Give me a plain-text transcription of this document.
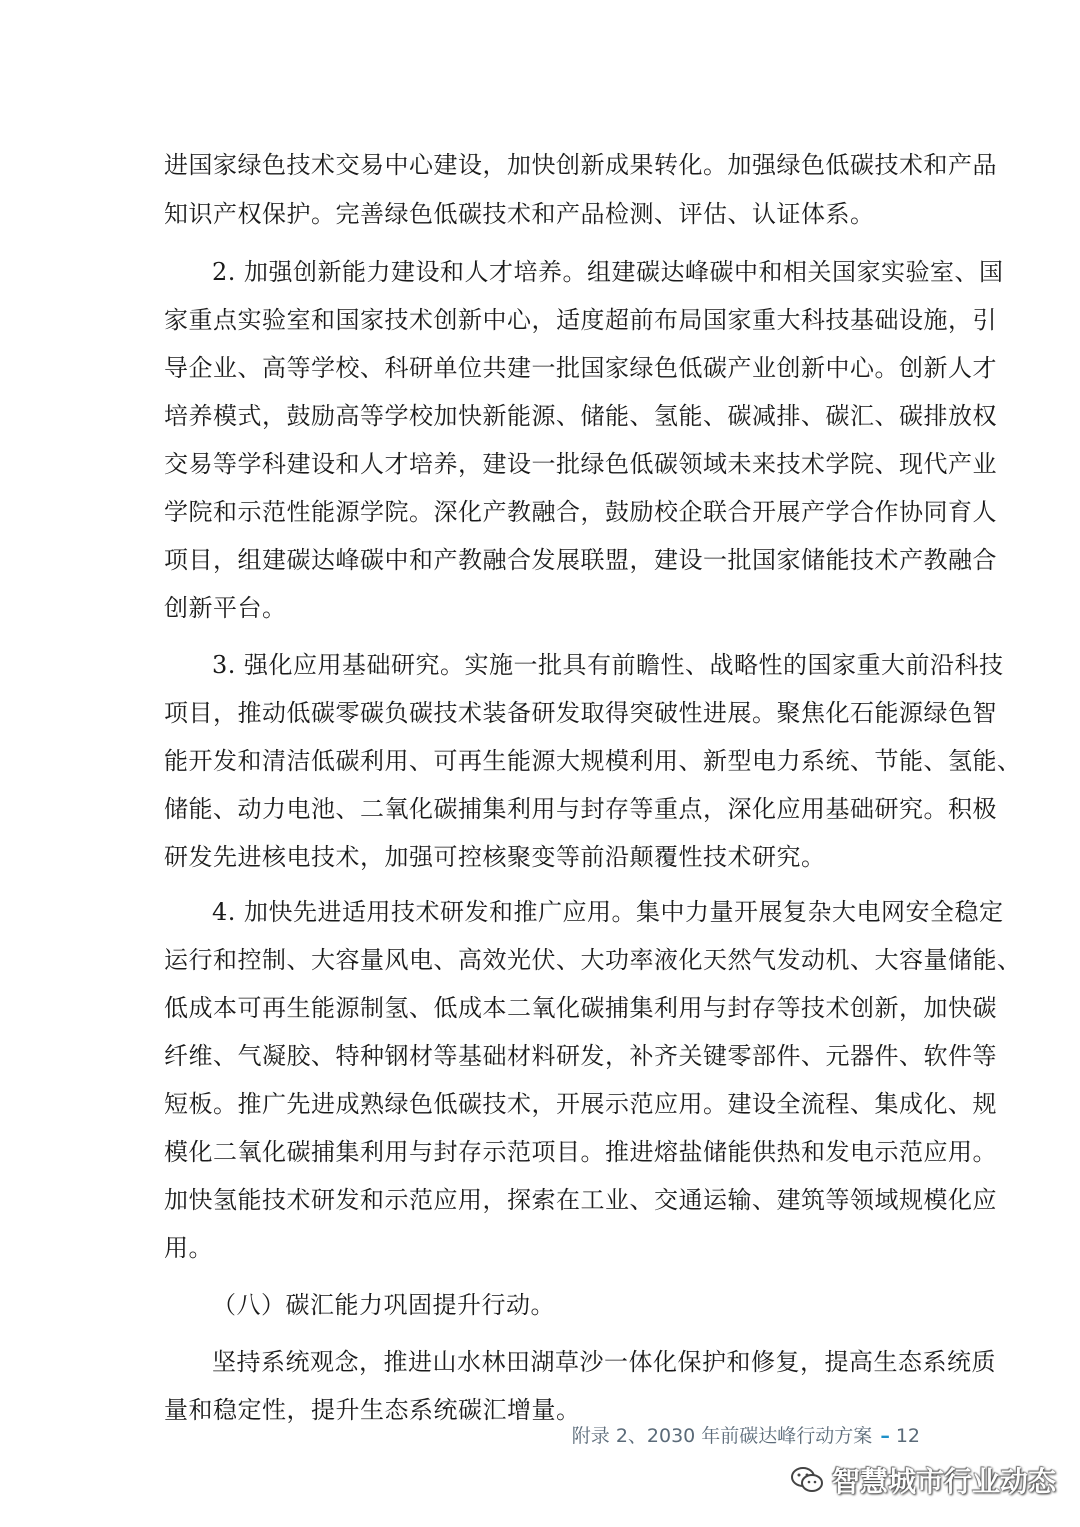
进国家绿色技术交易中心建设，加快创新成果转化。加强绿色低碳技术和产品
知识产权保护。完善绿色低碳技术和产品检测、评估、认证体系。
2. 加强创新能力建设和人才培养。组建碳达峰碳中和相关国家实验室、国
家重点实验室和国家技术创新中心，适度超前布局国家重大科技基础设施，引
导企业、高等学校、科研单位共建一批国家绿色低碳产业创新中心。创新人才
培养模式，鼓励高等学校加快新能源、储能、氢能、碳减排、碳汇、碳排放权
交易等学科建设和人才培养，建设一批绿色低碳领域未来技术学院、现代产业
学院和示范性能源学院。深化产教融合，鼓励校企联合开展产学合作协同育人
项目，组建碳达峰碳中和产教融合发展联盟，建设一批国家储能技术产教融合
创新平台。
3. 强化应用基础研究。实施一批具有前瞻性、战略性的国家重大前沿科技
项目，推动低碳零碳负碳技术装备研发取得突破性进展。聚焦化石能源绿色智
能开发和清洁低碳利用、可再生能源大规模利用、新型电力系统、节能、氢能、
储能、动力电池、二氧化碳捕集利用与封存等重点，深化应用基础研究。积极
研发先进核电技术，加强可控核聚变等前沿颠覆性技术研究。
4. 加快先进适用技术研发和推广应用。集中力量开展复杂大电网安全稳定
运行和控制、大容量风电、高效光伏、大功率液化天然气发动机、大容量储能、
低成本可再生能源制氢、低成本二氧化碳捕集利用与封存等技术创新，加快碳
纤维、气凝胶、特种钢材等基础材料研发，补齐关键零部件、元器件、软件等
短板。推广先进成熟绿色低碳技术，开展示范应用。建设全流程、集成化、规
模化二氧化碳捕集利用与封存示范项目。推进熔盐储能供热和发电示范应用。
加快氢能技术研发和示范应用，探索在工业、交通运输、建筑等领域规模化应
用。
（八）碳汇能力巩固提升行动。
坚持系统观念，推进山水林田湖草沙一体化保护和修复，提高生态系统质
量和稳定性，提升生态系统碳汇增量。
附录 2、2030 年前碳达峰行动方案 – 12
智慧城市行业动态
